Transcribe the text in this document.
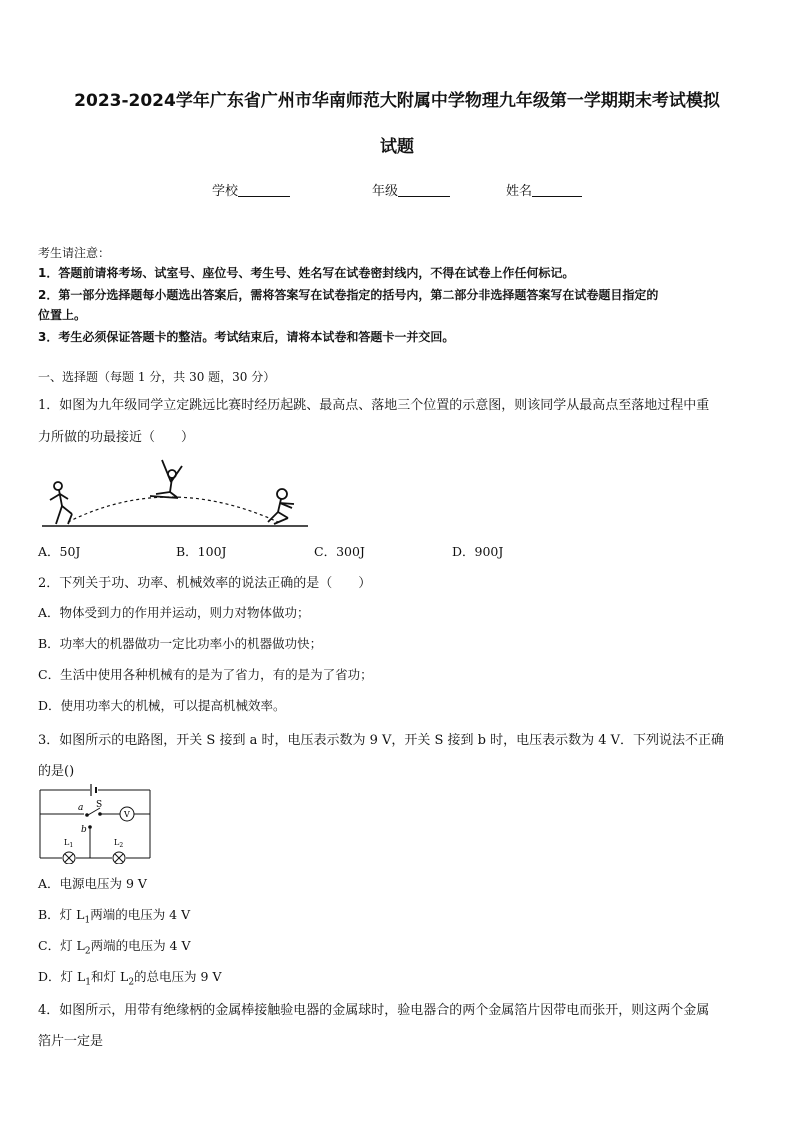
2023-2024学年广东省广州市华南师范大附属中学物理九年级第一学期期末考试模拟
试题
学校	年级	姓名
考生请注意：
1．答题前请将考场、试室号、座位号、考生号、姓名写在试卷密封线内，不得在试卷上作任何标记。
2．第一部分选择题每小题选出答案后，需将答案写在试卷指定的括号内，第二部分非选择题答案写在试卷题目指定的
位置上。
3．考生必须保证答题卡的整洁。考试结束后，请将本试卷和答题卡一并交回。
一、选择题（每题 1 分，共 30 题，30 分）
1．如图为九年级同学立定跳远比赛时经历起跳、最高点、落地三个位置的示意图，则该同学从最高点至落地过程中重
力所做的功最接近（　　）
A．50J	B．100J	C．300J	D．900J
2．下列关于功、功率、机械效率的说法正确的是（　　）
A．物体受到力的作用并运动，则力对物体做功；
B．功率大的机器做功一定比功率小的机器做功快；
C．生活中使用各种机械有的是为了省力，有的是为了省功；
D．使用功率大的机械，可以提高机械效率。
3．如图所示的电路图，开关 S 接到 a 时，电压表示数为 9 V，开关 S 接到 b 时，电压表示数为 4 V．下列说法不正确
的是()
a S
b
V
$L_1$	$L_2$
A．电源电压为 9 V
B．灯 $L_1$两端的电压为 4 V
C．灯 $L_2$两端的电压为 4 V
D．灯 $L_1$和灯 $L_2$的总电压为 9 V
4．如图所示，用带有绝缘柄的金属棒接触验电器的金属球时，验电器合的两个金属箔片因带电而张开，则这两个金属
箔片一定是
